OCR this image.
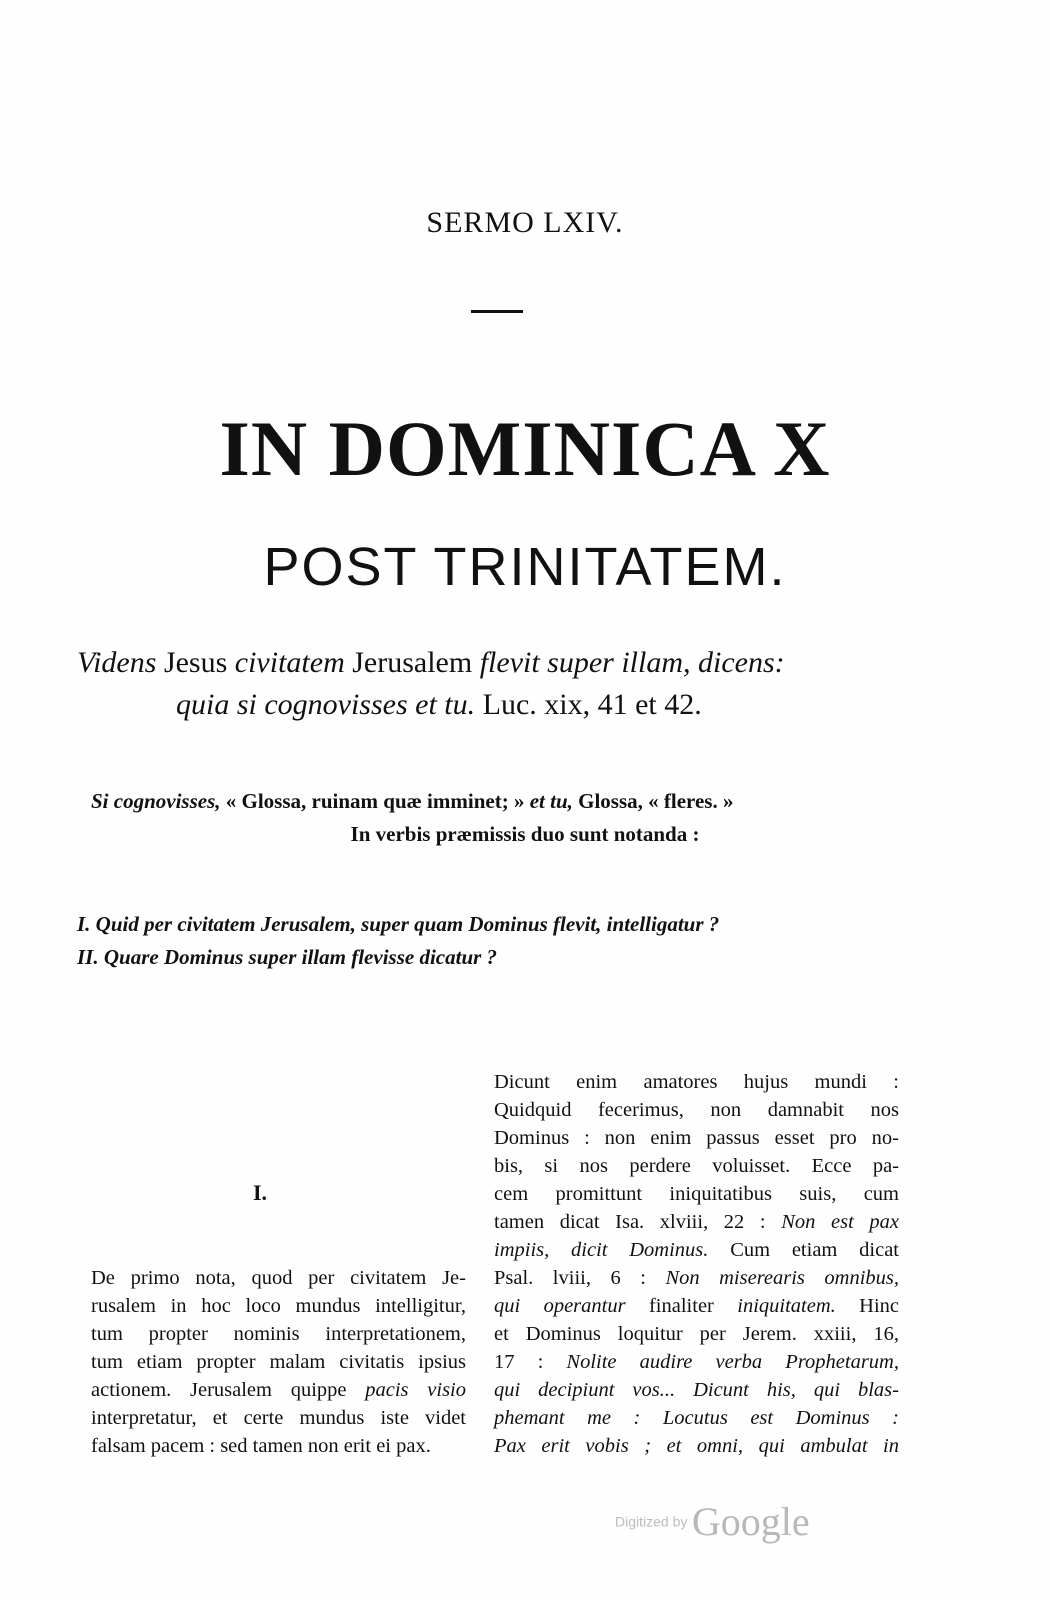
SERMO LXIV.
IN DOMINICA X
POST TRINITATEM.
Videns Jesus civitatem Jerusalem flevit super illam, dicens:
quia si cognovisses et tu. Luc. xix, 41 et 42.
Si cognovisses, « Glossa, ruinam quæ imminet; » et tu, Glossa, « fleres. »
In verbis præmissis duo sunt notanda :
I. Quid per civitatem Jerusalem, super quam Dominus flevit, intelligatur ?
II. Quare Dominus super illam flevisse dicatur ?
I.
De primo nota, quod per civitatem Je-
rusalem in hoc loco mundus intelligitur,
tum propter nominis interpretationem,
tum etiam propter malam civitatis ipsius
actionem. Jerusalem quippe pacis visio
interpretatur, et certe mundus iste videt
falsam pacem : sed tamen non erit ei pax.
Dicunt enim amatores hujus mundi :
Quidquid fecerimus, non damnabit nos
Dominus : non enim passus esset pro no-
bis, si nos perdere voluisset. Ecce pa-
cem promittunt iniquitatibus suis, cum
tamen dicat Isa. xlviii, 22 : Non est pax
impiis, dicit Dominus. Cum etiam dicat
Psal. lviii, 6 : Non miserearis omnibus,
qui operantur finaliter iniquitatem. Hinc
et Dominus loquitur per Jerem. xxiii, 16,
17 : Nolite audire verba Prophetarum,
qui decipiunt vos... Dicunt his, qui blas-
phemant me : Locutus est Dominus :
Pax erit vobis ; et omni, qui ambulat in
Digitized by Google
